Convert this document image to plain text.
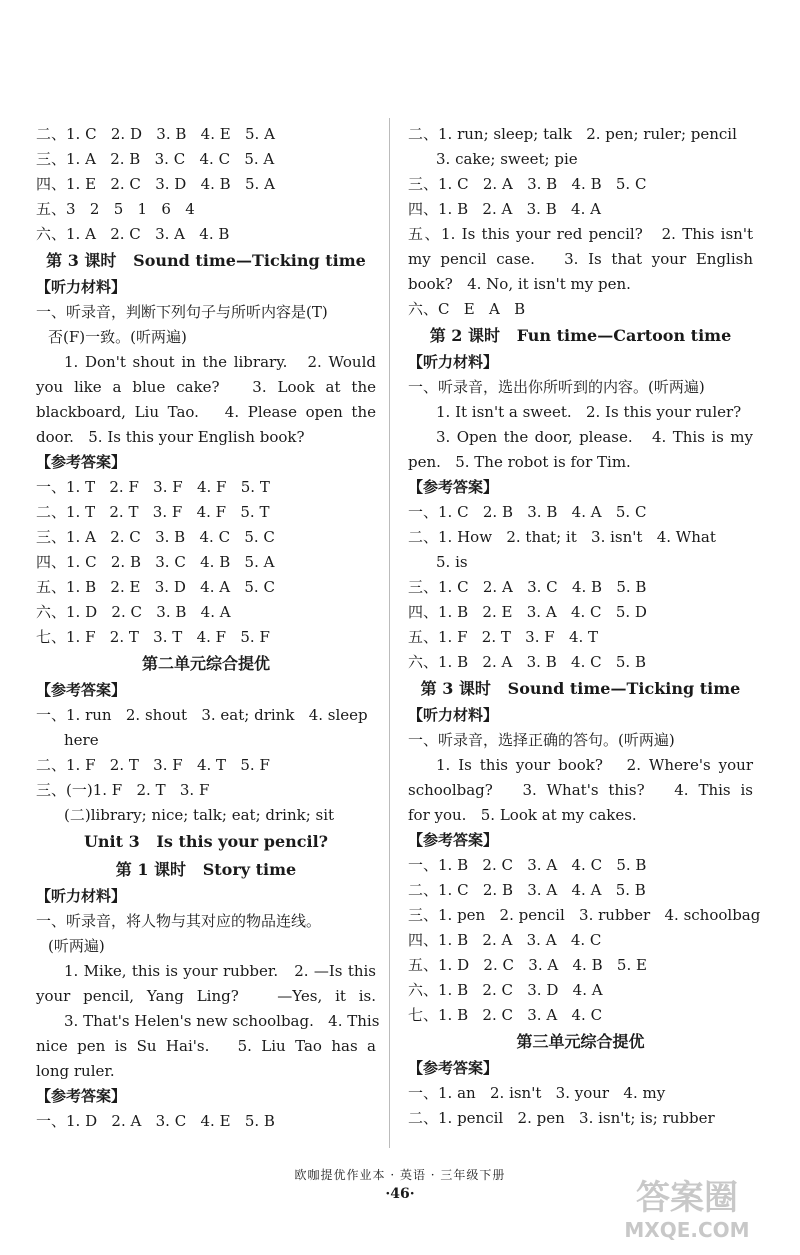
二、1. C   2. D   3. B   4. E   5. A
三、1. A   2. B   3. C   4. C   5. A
四、1. E   2. C   3. D   4. B   5. A
五、3   2   5   1   6   4
六、1. A   2. C   3. A   4. B
第 3 课时   Sound time—Ticking time
【听力材料】
一、听录音，判断下列句子与所听内容是(T)
否(F)一致。(听两遍)
1. Don't shout in the library.   2. Would
you like a blue cake?   3. Look at the
blackboard, Liu Tao.   4. Please open the
door.   5. Is this your English book?
【参考答案】
一、1. T   2. F   3. F   4. F   5. T
二、1. T   2. T   3. F   4. F   5. T
三、1. A   2. C   3. B   4. C   5. C
四、1. C   2. B   3. C   4. B   5. A
五、1. B   2. E   3. D   4. A   5. C
六、1. D   2. C   3. B   4. A
七、1. F   2. T   3. T   4. F   5. F
第二单元综合提优
【参考答案】
一、1. run   2. shout   3. eat; drink   4. sleep
here
二、1. F   2. T   3. F   4. T   5. F
三、(一)1. F   2. T   3. F
(二)library; nice; talk; eat; drink; sit
Unit 3   Is this your pencil?
第 1 课时   Story time
【听力材料】
一、听录音，将人物与其对应的物品连线。
(听两遍)
1. Mike, this is your rubber.   2. —Is this
your pencil, Yang Ling?   —Yes, it is.
3. That's Helen's new schoolbag.   4. This
nice pen is Su Hai's.   5. Liu Tao has a
long ruler.
【参考答案】
一、1. D   2. A   3. C   4. E   5. B
二、1. run; sleep; talk   2. pen; ruler; pencil
3. cake; sweet; pie
三、1. C   2. A   3. B   4. B   5. C
四、1. B   2. A   3. B   4. A
五、1. Is this your red pencil?   2. This isn't
my pencil case.   3. Is that your English
book?   4. No, it isn't my pen.
六、C   E   A   B
第 2 课时   Fun time—Cartoon time
【听力材料】
一、听录音，选出你所听到的内容。(听两遍)
1. It isn't a sweet.   2. Is this your ruler?
3. Open the door, please.   4. This is my
pen.   5. The robot is for Tim.
【参考答案】
一、1. C   2. B   3. B   4. A   5. C
二、1. How   2. that; it   3. isn't   4. What
5. is
三、1. C   2. A   3. C   4. B   5. B
四、1. B   2. E   3. A   4. C   5. D
五、1. F   2. T   3. F   4. T
六、1. B   2. A   3. B   4. C   5. B
第 3 课时   Sound time—Ticking time
【听力材料】
一、听录音，选择正确的答句。(听两遍)
1. Is this your book?   2. Where's your
schoolbag?   3. What's this?   4. This is
for you.   5. Look at my cakes.
【参考答案】
一、1. B   2. C   3. A   4. C   5. B
二、1. C   2. B   3. A   4. A   5. B
三、1. pen   2. pencil   3. rubber   4. schoolbag
四、1. B   2. A   3. A   4. C
五、1. D   2. C   3. A   4. B   5. E
六、1. B   2. C   3. D   4. A
七、1. B   2. C   3. A   4. C
第三单元综合提优
【参考答案】
一、1. an   2. isn't   3. your   4. my
二、1. pencil   2. pen   3. isn't; is; rubber
欧咖提优作业本 · 英语 · 三年级下册
·46·	答案圈
MXQE.COM
